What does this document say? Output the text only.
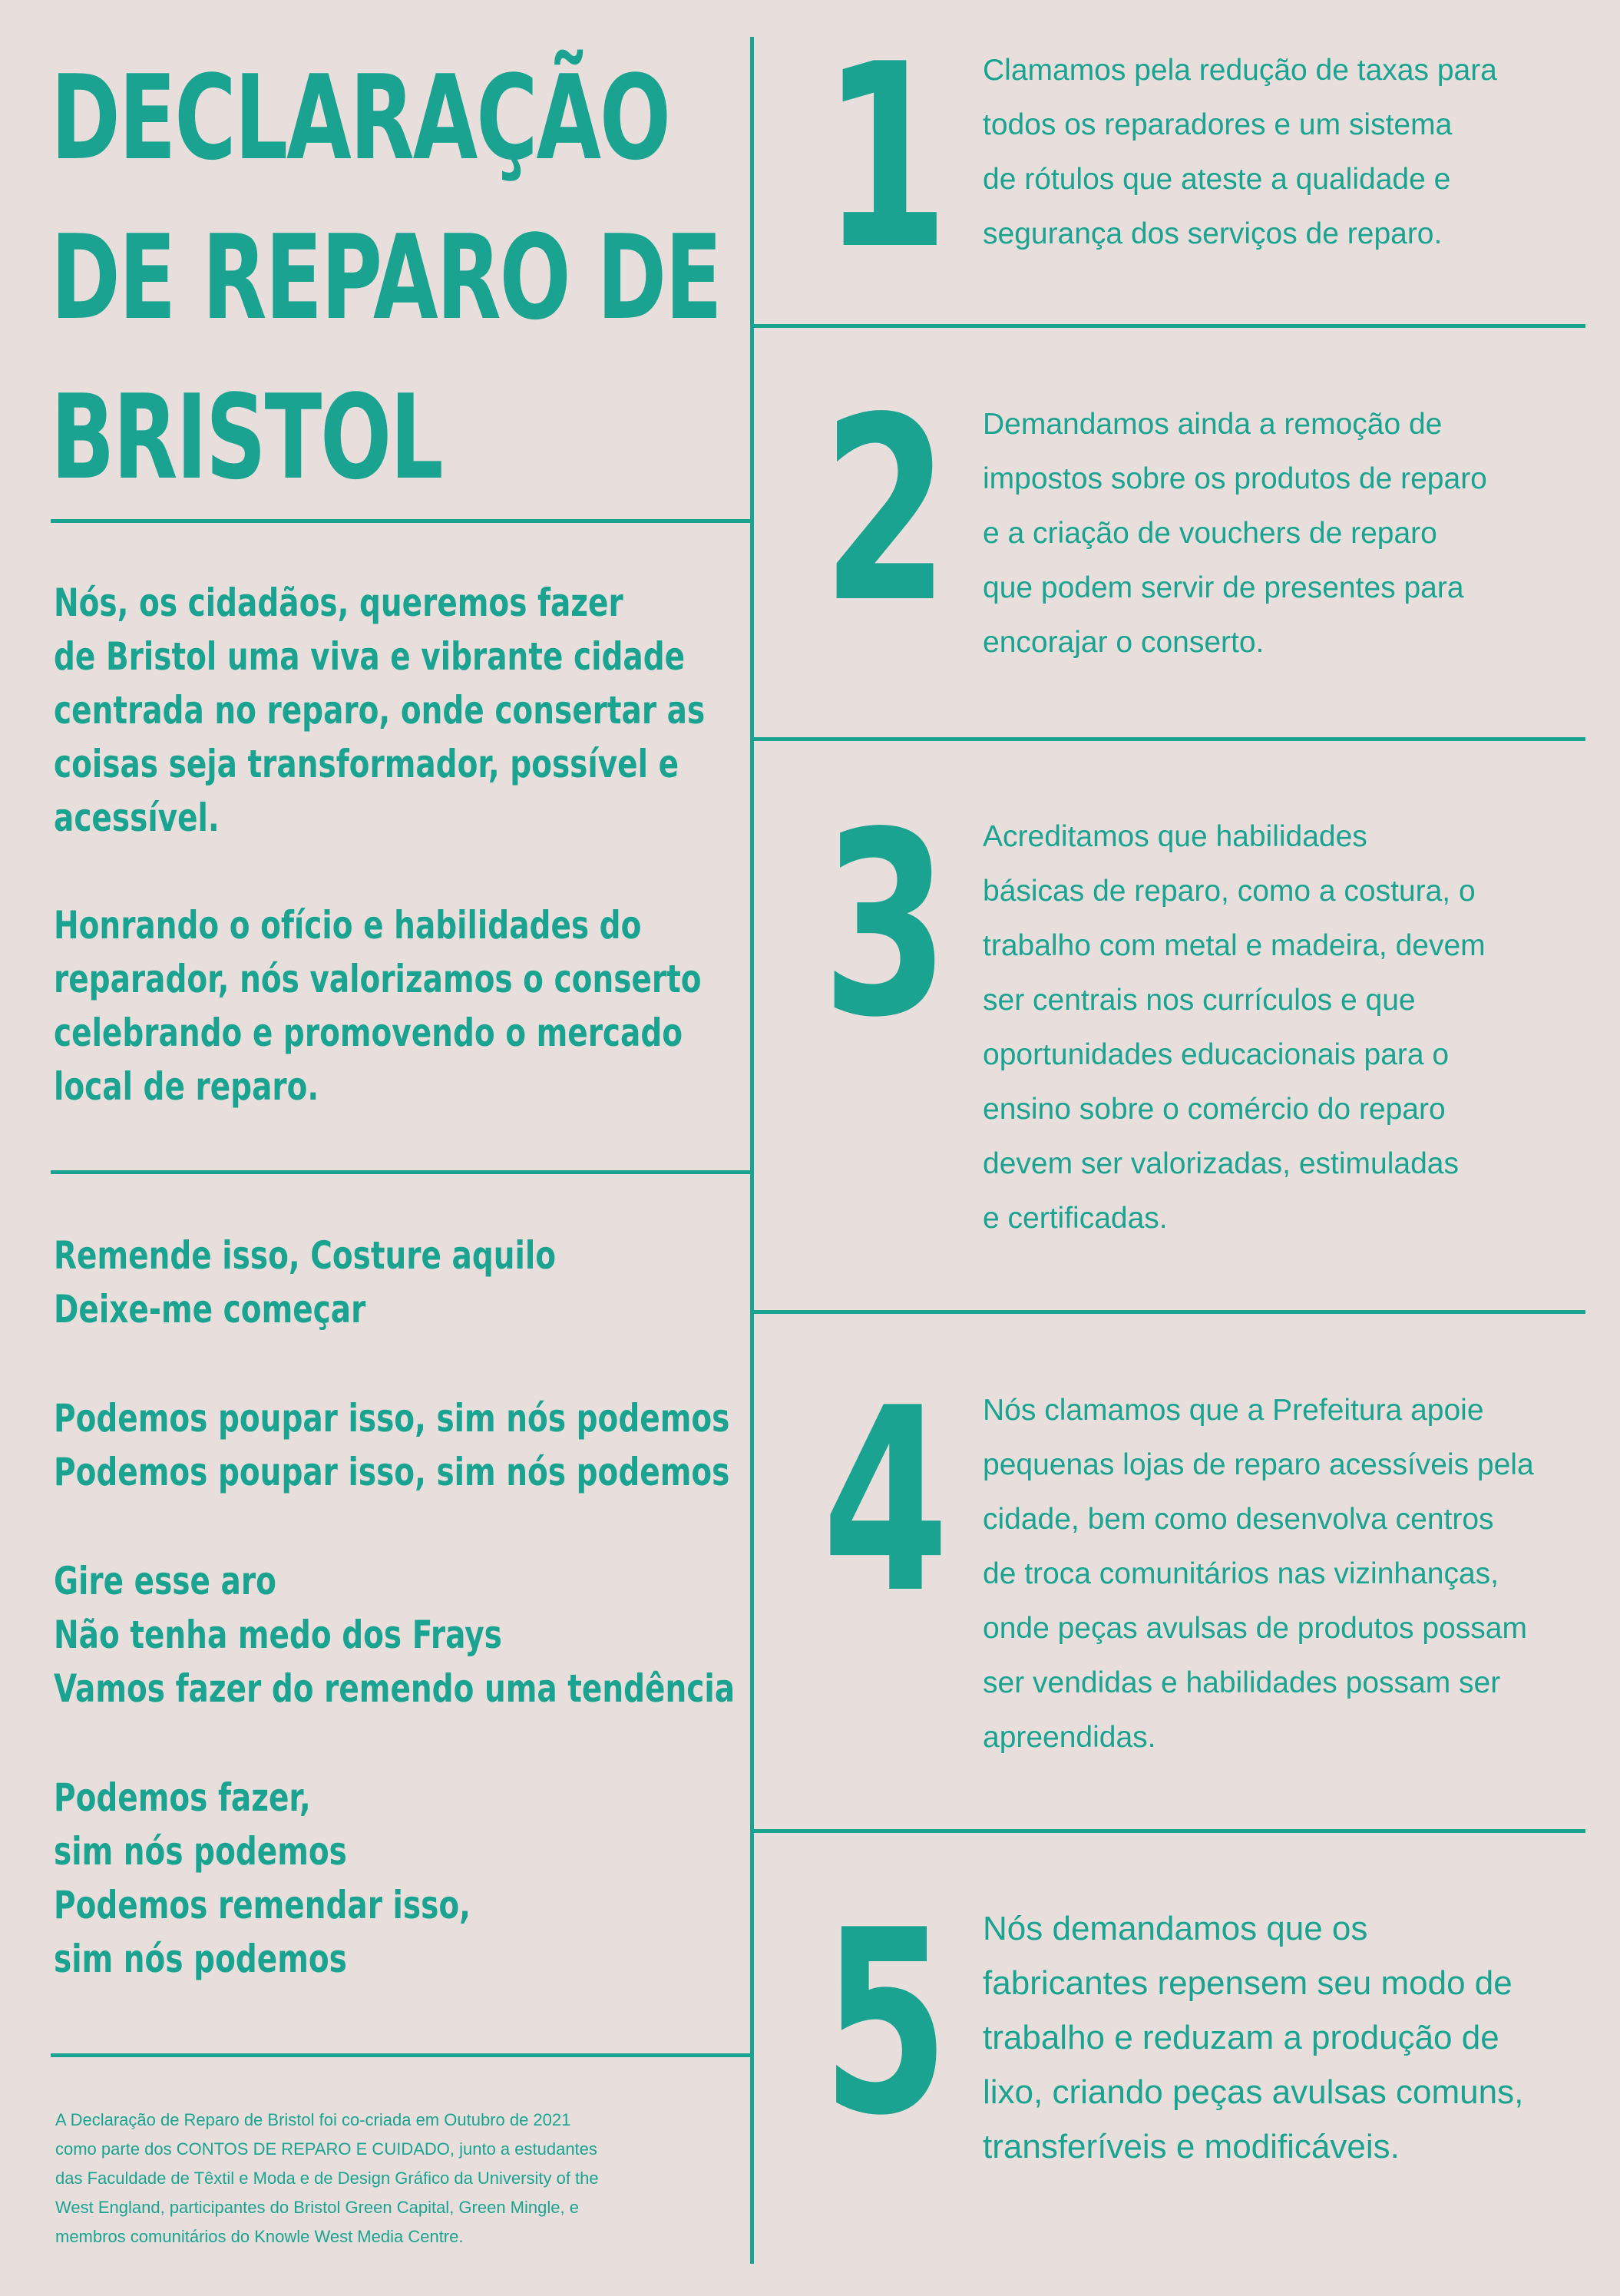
DECLARAÇÃO
DE REPARO DE
BRISTOL

Nós, os cidadãos, queremos fazer
de Bristol uma viva e vibrante cidade
centrada no reparo, onde consertar as
coisas seja transformador, possível e
acessível.

Honrando o ofício e habilidades do
reparador, nós valorizamos o conserto
celebrando e promovendo o mercado
local de reparo.

Remende isso, Costure aquilo
Deixe-me começar

Podemos poupar isso, sim nós podemos
Podemos poupar isso, sim nós podemos

Gire esse aro
Não tenha medo dos Frays
Vamos fazer do remendo uma tendência

Podemos fazer,
sim nós podemos
Podemos remendar isso,
sim nós podemos

A Declaração de Reparo de Bristol foi co-criada em Outubro de 2021
como parte dos CONTOS DE REPARO E CUIDADO, junto a estudantes
das Faculdade de Têxtil e Moda e de Design Gráfico da University of the
West England, participantes do Bristol Green Capital, Green Mingle, e
membros comunitários do Knowle West Media Centre.

1 Clamamos pela redução de taxas para
todos os reparadores e um sistema
de rótulos que ateste a qualidade e
segurança dos serviços de reparo.

2 Demandamos ainda a remoção de
impostos sobre os produtos de reparo
e a criação de vouchers de reparo
que podem servir de presentes para
encorajar o conserto.

3 Acreditamos que habilidades
básicas de reparo, como a costura, o
trabalho com metal e madeira, devem
ser centrais nos currículos e que
oportunidades educacionais para o
ensino sobre o comércio do reparo
devem ser valorizadas, estimuladas
e certificadas.

4 Nós clamamos que a Prefeitura apoie
pequenas lojas de reparo acessíveis pela
cidade, bem como desenvolva centros
de troca comunitários nas vizinhanças,
onde peças avulsas de produtos possam
ser vendidas e habilidades possam ser
apreendidas.

5 Nós demandamos que os
fabricantes repensem seu modo de
trabalho e reduzam a produção de
lixo, criando peças avulsas comuns,
transferíveis e modificáveis.
